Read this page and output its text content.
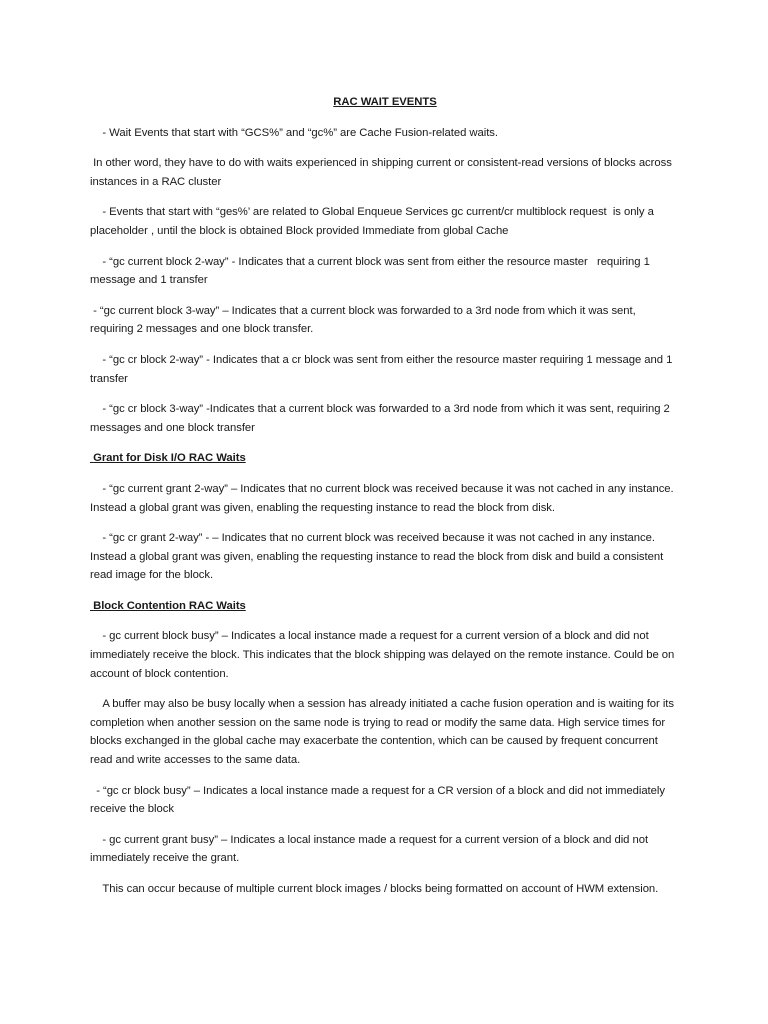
RAC WAIT EVENTS
- Wait Events that start with “GCS%” and “gc%” are Cache Fusion-related waits.
In other word, they have to do with waits experienced in shipping current or consistent-read versions of blocks across instances in a RAC cluster
- Events that start with “ges%’ are related to Global Enqueue Services gc current/cr multiblock request  is only a placeholder , until the block is obtained Block provided Immediate from global Cache
- “gc current block 2-way” - Indicates that a current block was sent from either the resource master   requiring 1 message and 1 transfer
- “gc current block 3-way” – Indicates that a current block was forwarded to a 3rd node from which it was sent, requiring 2 messages and one block transfer.
- “gc cr block 2-way” - Indicates that a cr block was sent from either the resource master requiring 1 message and 1 transfer
- “gc cr block 3-way” -Indicates that a current block was forwarded to a 3rd node from which it was sent, requiring 2 messages and one block transfer
Grant for Disk I/O RAC Waits
- “gc current grant 2-way” – Indicates that no current block was received because it was not cached in any instance. Instead a global grant was given, enabling the requesting instance to read the block from disk.
- “gc cr grant 2-way” - – Indicates that no current block was received because it was not cached in any instance. Instead a global grant was given, enabling the requesting instance to read the block from disk and build a consistent read image for the block.
Block Contention RAC Waits
- gc current block busy” – Indicates a local instance made a request for a current version of a block and did not immediately receive the block. This indicates that the block shipping was delayed on the remote instance. Could be on account of block contention.
A buffer may also be busy locally when a session has already initiated a cache fusion operation and is waiting for its completion when another session on the same node is trying to read or modify the same data. High service times for blocks exchanged in the global cache may exacerbate the contention, which can be caused by frequent concurrent read and write accesses to the same data.
- “gc cr block busy” – Indicates a local instance made a request for a CR version of a block and did not immediately receive the block
- gc current grant busy” – Indicates a local instance made a request for a current version of a block and did not immediately receive the grant.
This can occur because of multiple current block images / blocks being formatted on account of HWM extension.
